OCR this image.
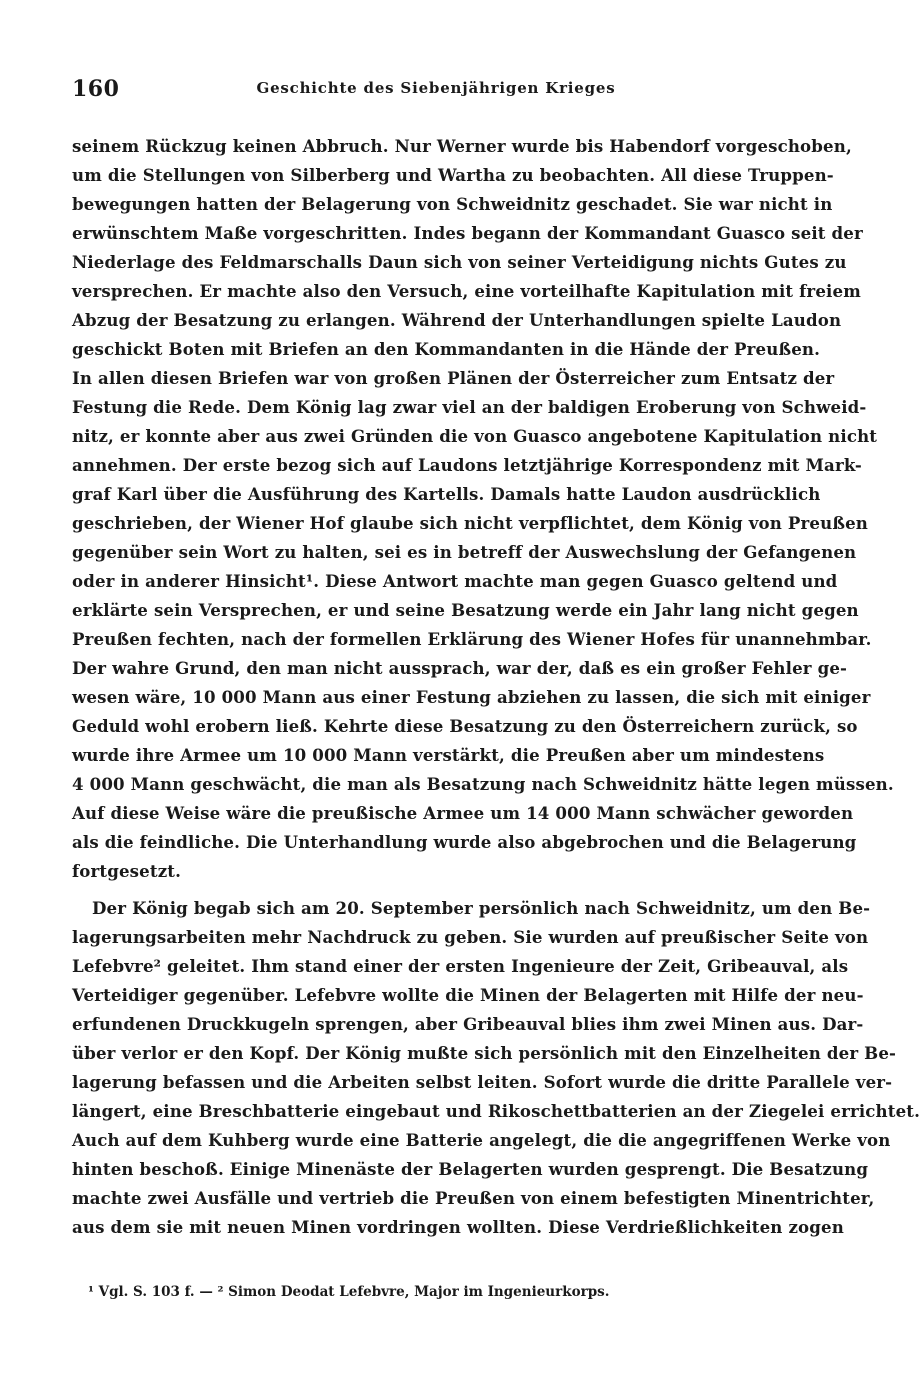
160	Geschichte des Siebenjährigen Krieges
seinem Rückzug keinen Abbruch. Nur Werner wurde bis Habendorf vorgeschoben,
um die Stellungen von Silberberg und Wartha zu beobachten. All diese Truppen-
bewegungen hatten der Belagerung von Schweidnitz geschadet. Sie war nicht in
erwünschtem Maße vorgeschritten. Indes begann der Kommandant Guasco seit der
Niederlage des Feldmarschalls Daun sich von seiner Verteidigung nichts Gutes zu
versprechen. Er machte also den Versuch, eine vorteilhafte Kapitulation mit freiem
Abzug der Besatzung zu erlangen. Während der Unterhandlungen spielte Laudon
geschickt Boten mit Briefen an den Kommandanten in die Hände der Preußen.
In allen diesen Briefen war von großen Plänen der Österreicher zum Entsatz der
Festung die Rede. Dem König lag zwar viel an der baldigen Eroberung von Schweid-
nitz, er konnte aber aus zwei Gründen die von Guasco angebotene Kapitulation nicht
annehmen. Der erste bezog sich auf Laudons letztjährige Korrespondenz mit Mark-
graf Karl über die Ausführung des Kartells. Damals hatte Laudon ausdrücklich
geschrieben, der Wiener Hof glaube sich nicht verpflichtet, dem König von Preußen
gegenüber sein Wort zu halten, sei es in betreff der Auswechslung der Gefangenen
oder in anderer Hinsicht¹. Diese Antwort machte man gegen Guasco geltend und
erklärte sein Versprechen, er und seine Besatzung werde ein Jahr lang nicht gegen
Preußen fechten, nach der formellen Erklärung des Wiener Hofes für unannehmbar.
Der wahre Grund, den man nicht aussprach, war der, daß es ein großer Fehler ge-
wesen wäre, 10 000 Mann aus einer Festung abziehen zu lassen, die sich mit einiger
Geduld wohl erobern ließ. Kehrte diese Besatzung zu den Österreichern zurück, so
wurde ihre Armee um 10 000 Mann verstärkt, die Preußen aber um mindestens
4 000 Mann geschwächt, die man als Besatzung nach Schweidnitz hätte legen müssen.
Auf diese Weise wäre die preußische Armee um 14 000 Mann schwächer geworden
als die feindliche. Die Unterhandlung wurde also abgebrochen und die Belagerung
fortgesetzt.
Der König begab sich am 20. September persönlich nach Schweidnitz, um den Be-
lagerungsarbeiten mehr Nachdruck zu geben. Sie wurden auf preußischer Seite von
Lefebvre² geleitet. Ihm stand einer der ersten Ingenieure der Zeit, Gribeauval, als
Verteidiger gegenüber. Lefebvre wollte die Minen der Belagerten mit Hilfe der neu-
erfundenen Druckkugeln sprengen, aber Gribeauval blies ihm zwei Minen aus. Dar-
über verlor er den Kopf. Der König mußte sich persönlich mit den Einzelheiten der Be-
lagerung befassen und die Arbeiten selbst leiten. Sofort wurde die dritte Parallele ver-
längert, eine Breschbatterie eingebaut und Rikoschettbatterien an der Ziegelei errichtet.
Auch auf dem Kuhberg wurde eine Batterie angelegt, die die angegriffenen Werke von
hinten beschoß. Einige Minenäste der Belagerten wurden gesprengt. Die Besatzung
machte zwei Ausfälle und vertrieb die Preußen von einem befestigten Minentrichter,
aus dem sie mit neuen Minen vordringen wollten. Diese Verdrießlichkeiten zogen
¹ Vgl. S. 103 f. — ² Simon Deodat Lefebvre, Major im Ingenieurkorps.
